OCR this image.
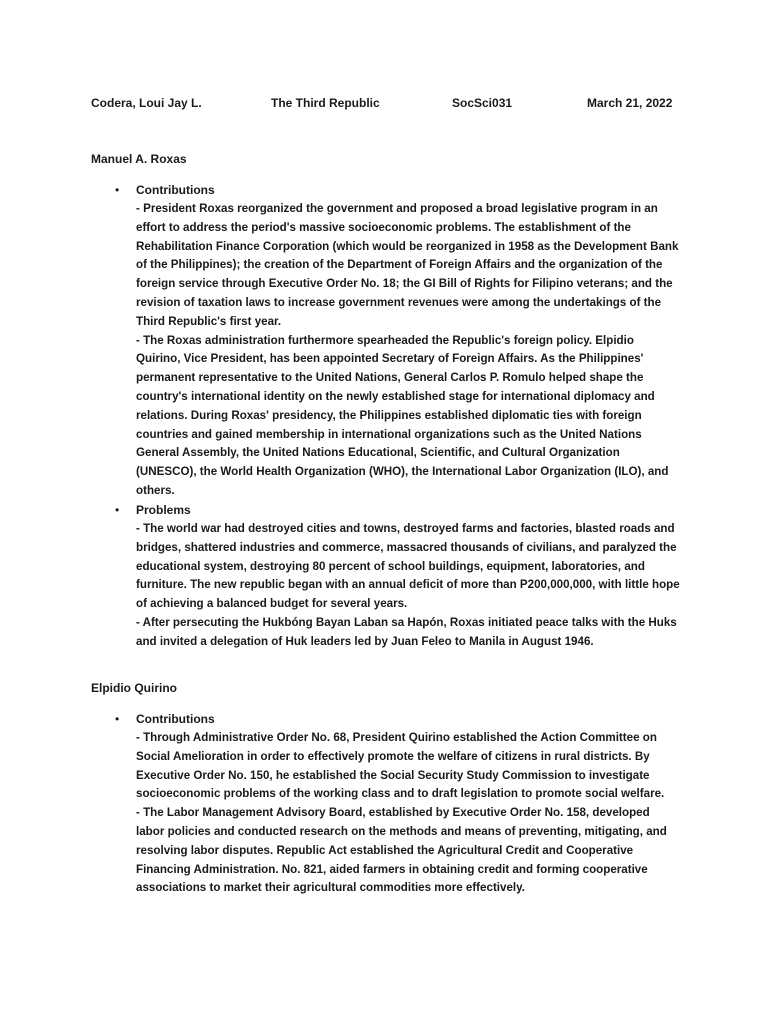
Codera, Loui Jay L.	The Third Republic	SocSci031	March 21, 2022
Manuel A. Roxas
• Contributions

- President Roxas reorganized the government and proposed a broad legislative program in an effort to address the period's massive socioeconomic problems. The establishment of the Rehabilitation Finance Corporation (which would be reorganized in 1958 as the Development Bank of the Philippines); the creation of the Department of Foreign Affairs and the organization of the foreign service through Executive Order No. 18; the GI Bill of Rights for Filipino veterans; and the revision of taxation laws to increase government revenues were among the undertakings of the Third Republic's first year.

- The Roxas administration furthermore spearheaded the Republic's foreign policy. Elpidio Quirino, Vice President, has been appointed Secretary of Foreign Affairs. As the Philippines' permanent representative to the United Nations, General Carlos P. Romulo helped shape the country's international identity on the newly established stage for international diplomacy and relations. During Roxas' presidency, the Philippines established diplomatic ties with foreign countries and gained membership in international organizations such as the United Nations General Assembly, the United Nations Educational, Scientific, and Cultural Organization (UNESCO), the World Health Organization (WHO), the International Labor Organization (ILO), and others.

• Problems

- The world war had destroyed cities and towns, destroyed farms and factories, blasted roads and bridges, shattered industries and commerce, massacred thousands of civilians, and paralyzed the educational system, destroying 80 percent of school buildings, equipment, laboratories, and furniture. The new republic began with an annual deficit of more than P200,000,000, with little hope of achieving a balanced budget for several years.

- After persecuting the Hukbóng Bayan Laban sa Hapón, Roxas initiated peace talks with the Huks and invited a delegation of Huk leaders led by Juan Feleo to Manila in August 1946.

Elpidio Quirino
• Contributions

- Through Administrative Order No. 68, President Quirino established the Action Committee on Social Amelioration in order to effectively promote the welfare of citizens in rural districts. By Executive Order No. 150, he established the Social Security Study Commission to investigate socioeconomic problems of the working class and to draft legislation to promote social welfare.

- The Labor Management Advisory Board, established by Executive Order No. 158, developed labor policies and conducted research on the methods and means of preventing, mitigating, and resolving labor disputes. Republic Act established the Agricultural Credit and Cooperative Financing Administration. No. 821, aided farmers in obtaining credit and forming cooperative associations to market their agricultural commodities more effectively.
